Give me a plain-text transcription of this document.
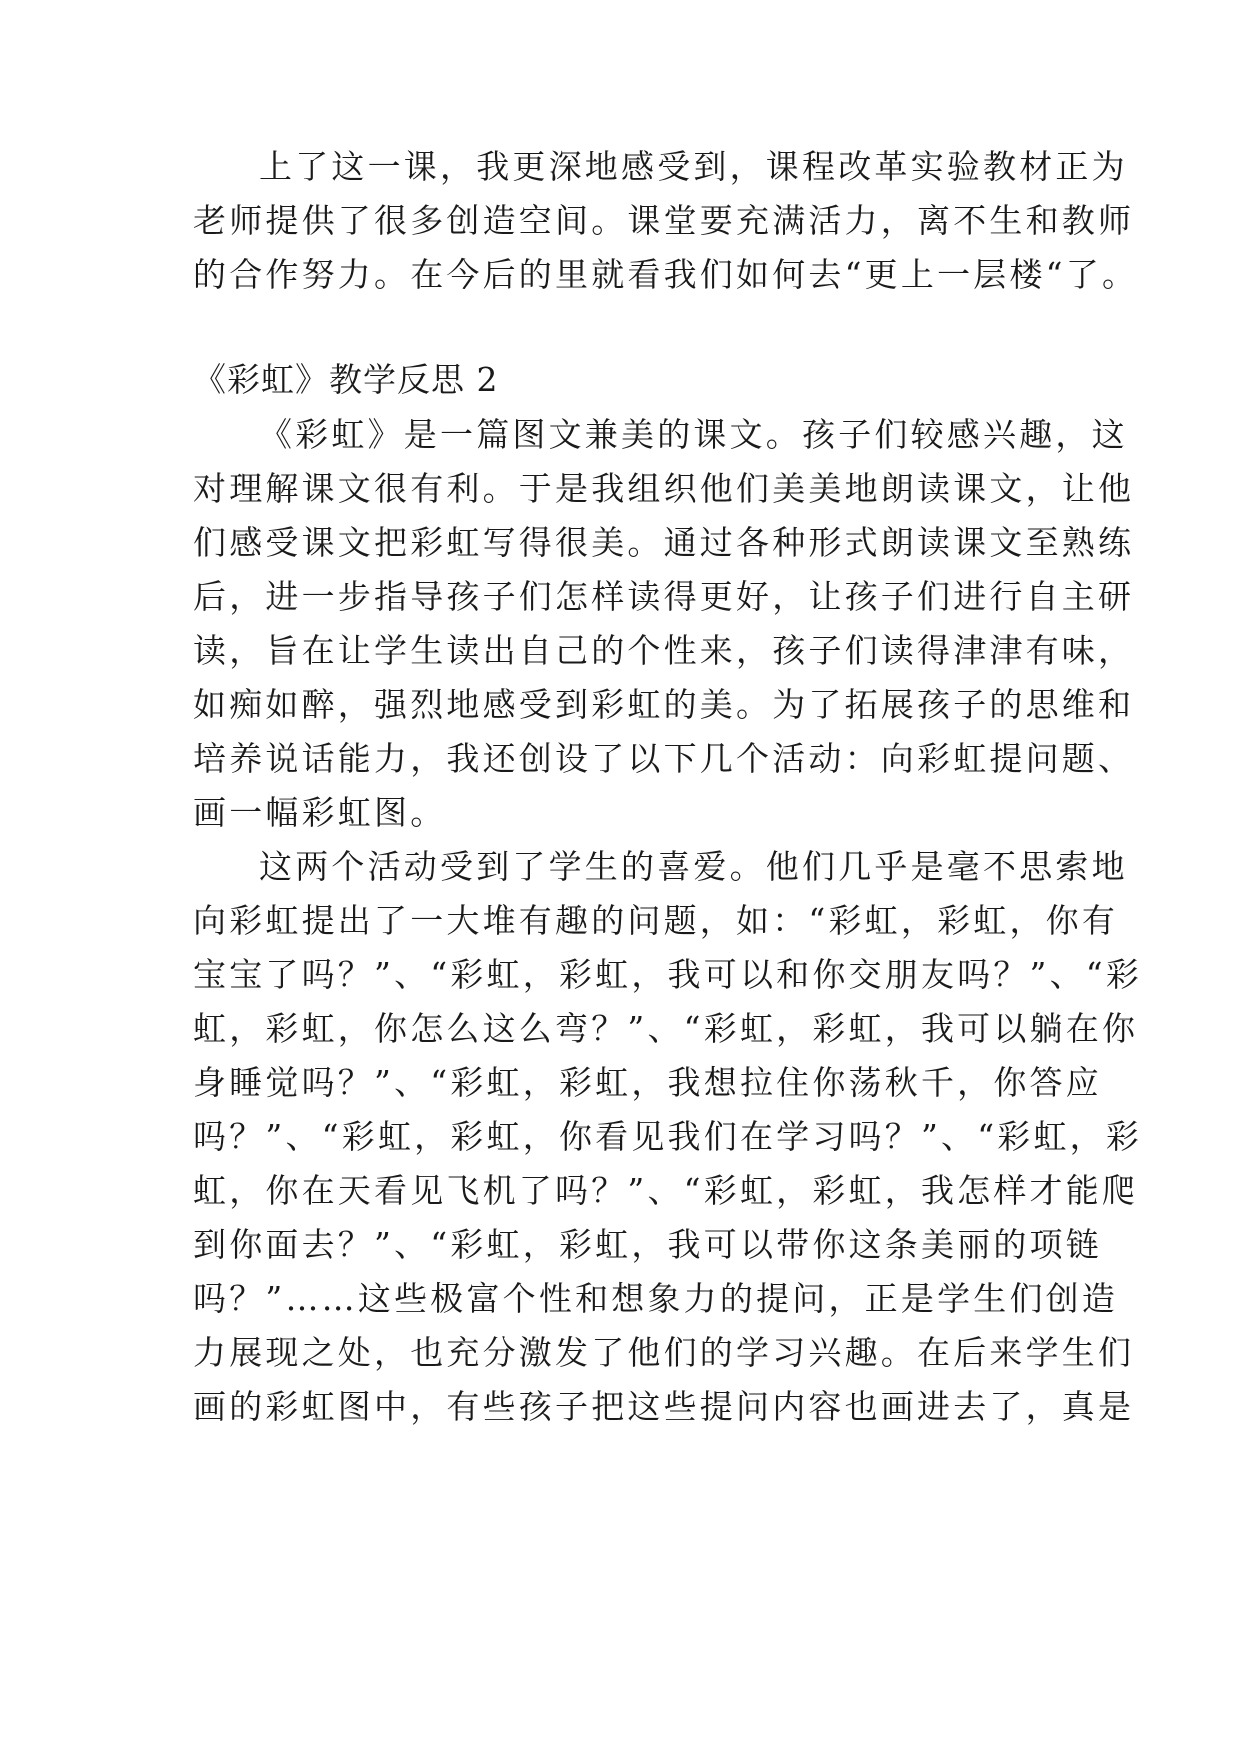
上了这一课，我更深地感受到，课程改革实验教材正为

老师提供了很多创造空间。课堂要充满活力，离不生和教师

的合作努力。在今后的里就看我们如何去“更上一层楼“了。

《彩虹》教学反思 2

《彩虹》是一篇图文兼美的课文。孩子们较感兴趣，这

对理解课文很有利。于是我组织他们美美地朗读课文，让他

们感受课文把彩虹写得很美。通过各种形式朗读课文至熟练

后，进一步指导孩子们怎样读得更好，让孩子们进行自主研

读，旨在让学生读出自己的个性来，孩子们读得津津有味，

如痴如醉，强烈地感受到彩虹的美。为了拓展孩子的思维和

培养说话能力，我还创设了以下几个活动：向彩虹提问题、

画一幅彩虹图。

这两个活动受到了学生的喜爱。他们几乎是毫不思索地

向彩虹提出了一大堆有趣的问题，如：“彩虹，彩虹，你有

宝宝了吗？”、“彩虹，彩虹，我可以和你交朋友吗？”、“彩

虹，彩虹，你怎么这么弯？”、“彩虹，彩虹，我可以躺在你

身睡觉吗？”、“彩虹，彩虹，我想拉住你荡秋千，你答应

吗？”、“彩虹，彩虹，你看见我们在学习吗？”、“彩虹，彩

虹，你在天看见飞机了吗？”、“彩虹，彩虹，我怎样才能爬

到你面去？”、“彩虹，彩虹，我可以带你这条美丽的项链

吗？”……这些极富个性和想象力的提问，正是学生们创造

力展现之处，也充分激发了他们的学习兴趣。在后来学生们

画的彩虹图中，有些孩子把这些提问内容也画进去了，真是
